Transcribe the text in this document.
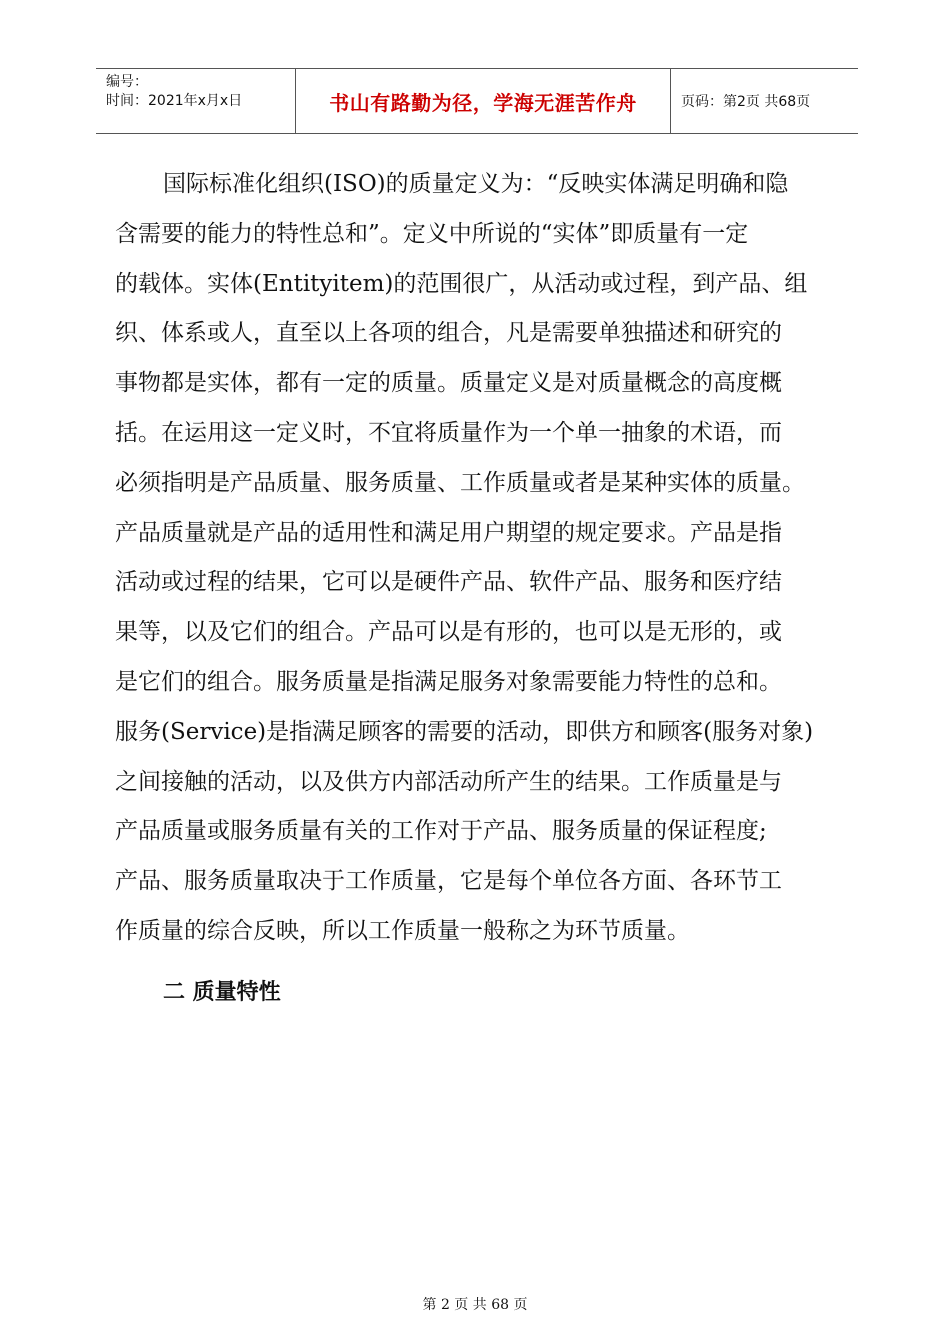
编号：
时间：2021年x月x日	书山有路勤为径，学海无涯苦作舟	页码：第2页 共68页
国际标准化组织(ISO)的质量定义为：“反映实体满足明确和隐
含需要的能力的特性总和”。定义中所说的“实体”即质量有一定
的载体。实体(Entityitem)的范围很广，从活动或过程，到产品、组
织、体系或人，直至以上各项的组合，凡是需要单独描述和研究的
事物都是实体，都有一定的质量。质量定义是对质量概念的高度概
括。在运用这一定义时，不宜将质量作为一个单一抽象的术语，而
必须指明是产品质量、服务质量、工作质量或者是某种实体的质量。
产品质量就是产品的适用性和满足用户期望的规定要求。产品是指
活动或过程的结果，它可以是硬件产品、软件产品、服务和医疗结
果等，以及它们的组合。产品可以是有形的，也可以是无形的，或
是它们的组合。服务质量是指满足服务对象需要能力特性的总和。
服务(Service)是指满足顾客的需要的活动，即供方和顾客(服务对象)
之间接触的活动，以及供方内部活动所产生的结果。工作质量是与
产品质量或服务质量有关的工作对于产品、服务质量的保证程度;
产品、服务质量取决于工作质量，它是每个单位各方面、各环节工
作质量的综合反映，所以工作质量一般称之为环节质量。
二 质量特性
第 2 页 共 68 页
